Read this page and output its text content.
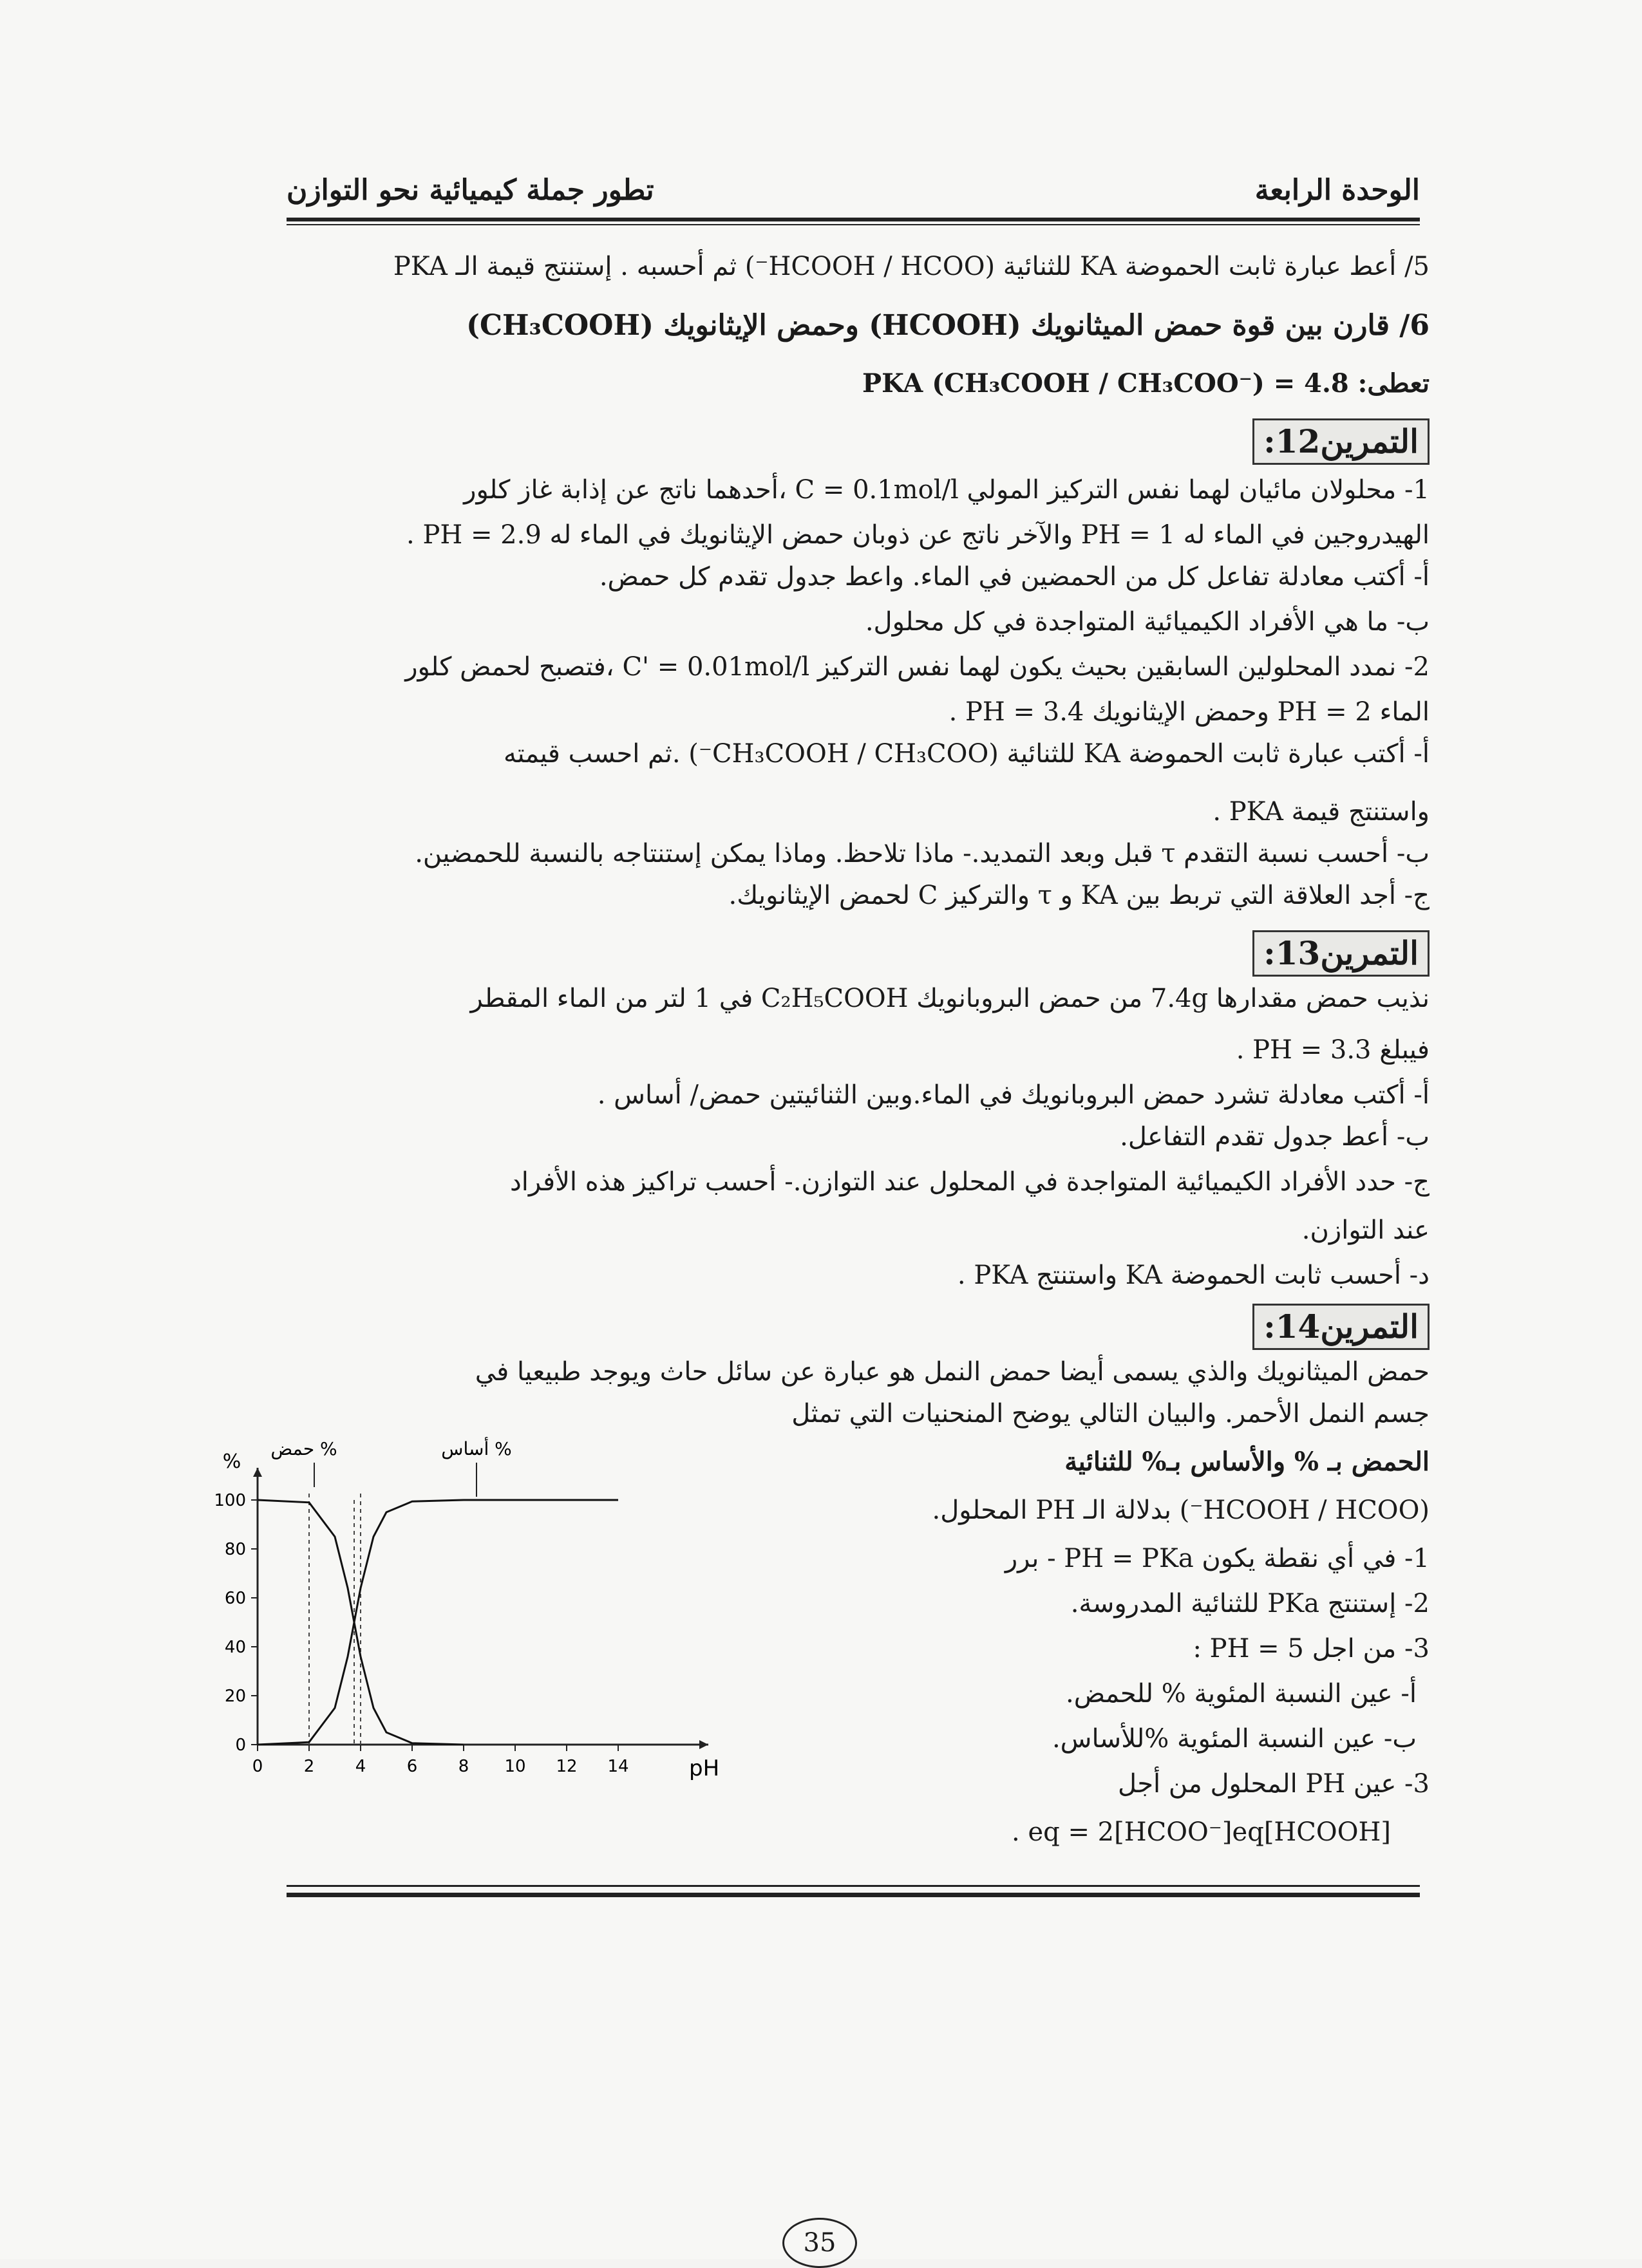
الوحدة الرابعة
تطور جملة كيميائية نحو التوازن
5/ أعط عبارة ثابت الحموضة KA للثنائية (HCOOH / HCOO⁻) ثم أحسبه . إستنتج قيمة الـ PKA
6/ قارن بين قوة حمض الميثانويك (HCOOH) وحمض الإيثانويك (CH₃COOH)
تعطى: PKA (CH₃COOH / CH₃COO⁻) = 4.8
التمرين12:
1- محلولان مائيان لهما نفس التركيز المولي C = 0.1mol/l ،أحدهما ناتج عن إذابة غاز كلور
الهيدروجين في الماء له PH = 1 والآخر ناتج عن ذوبان حمض الإيثانويك في الماء له PH = 2.9 .
أ- أكتب معادلة تفاعل كل من الحمضين في الماء. واعط جدول تقدم كل حمض.
ب- ما هي الأفراد الكيميائية المتواجدة في كل محلول.
2- نمدد المحلولين السابقين بحيث يكون لهما نفس التركيز C' = 0.01mol/l ،فتصبح لحمض كلور
الماء PH = 2 وحمض الإيثانويك PH = 3.4 .
أ- أكتب عبارة ثابت الحموضة KA للثنائية (CH₃COOH / CH₃COO⁻) .ثم احسب قيمته
واستنتج قيمة PKA .
ب- أحسب نسبة التقدم τ قبل وبعد التمديد.- ماذا تلاحظ. وماذا يمكن إستنتاجه بالنسبة للحمضين.
ج- أجد العلاقة التي تربط بين KA و τ والتركيز C لحمض الإيثانويك.
التمرين13:
نذيب حمض مقدارها 7.4g من حمض البروبانويك C₂H₅COOH في 1 لتر من الماء المقطر
فيبلغ PH = 3.3 .
أ- أكتب معادلة تشرد حمض البروبانويك في الماء.وبين الثنائيتين حمض/ أساس .
ب- أعط جدول تقدم التفاعل.
ج- حدد الأفراد الكيميائية المتواجدة في المحلول عند التوازن.- أحسب تراكيز هذه الأفراد
عند التوازن.
د- أحسب ثابت الحموضة KA واستنتج PKA .
التمرين14:
حمض الميثانويك والذي يسمى أيضا حمض النمل هو عبارة عن سائل حاث ويوجد طبيعيا في
جسم النمل الأحمر. والبيان التالي يوضح المنحنيات التي تمثل
الحمض بـ % والأساس بـ% للثنائية
(HCOOH / HCOO⁻) بدلالة الـ PH المحلول.
1- في أي نقطة يكون PH = PKa - برر
2- إستنتج PKa للثنائية المدروسة.
3- من اجل PH = 5 :
أ- عين النسبة المئوية % للحمض.
ب- عين النسبة المئوية %للأساس.
3- عين PH المحلول من أجل
[HCOOH]eq = 2[HCOO⁻]eq .
0
20
40
60
80
100
0 2 4 6 8 10 12 14	pH
%
حمض %	أساس %
35
